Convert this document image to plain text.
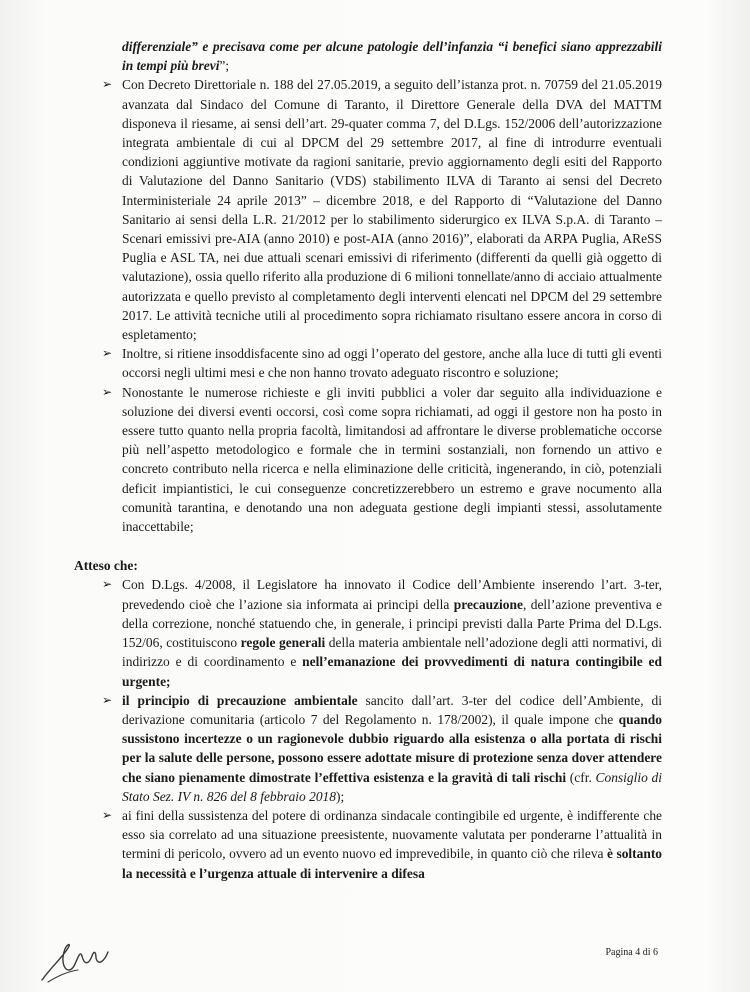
differenziale” e precisava come per alcune patologie dell’infanzia “i benefici siano apprezzabili in tempi più brevi”;

➢ Con Decreto Direttoriale n. 188 del 27.05.2019, a seguito dell’istanza prot. n. 70759 del 21.05.2019 avanzata dal Sindaco del Comune di Taranto, il Direttore Generale della DVA del MATTM disponeva il riesame, ai sensi dell’art. 29-quater comma 7, del D.Lgs. 152/2006 dell’autorizzazione integrata ambientale di cui al DPCM del 29 settembre 2017, al fine di introdurre eventuali condizioni aggiuntive motivate da ragioni sanitarie, previo aggiornamento degli esiti del Rapporto di Valutazione del Danno Sanitario (VDS) stabilimento ILVA di Taranto ai sensi del Decreto Interministeriale 24 aprile 2013” – dicembre 2018, e del Rapporto di “Valutazione del Danno Sanitario ai sensi della L.R. 21/2012 per lo stabilimento siderurgico ex ILVA S.p.A. di Taranto – Scenari emissivi pre-AIA (anno 2010) e post-AIA (anno 2016)”, elaborati da ARPA Puglia, AReSS Puglia e ASL TA, nei due attuali scenari emissivi di riferimento (differenti da quelli già oggetto di valutazione), ossia quello riferito alla produzione di 6 milioni tonnellate/anno di acciaio attualmente autorizzata e quello previsto al completamento degli interventi elencati nel DPCM del 29 settembre 2017. Le attività tecniche utili al procedimento sopra richiamato risultano essere ancora in corso di espletamento;

➢ Inoltre, si ritiene insoddisfacente sino ad oggi l’operato del gestore, anche alla luce di tutti gli eventi occorsi negli ultimi mesi e che non hanno trovato adeguato riscontro e soluzione;

➢ Nonostante le numerose richieste e gli inviti pubblici a voler dar seguito alla individuazione e soluzione dei diversi eventi occorsi, così come sopra richiamati, ad oggi il gestore non ha posto in essere tutto quanto nella propria facoltà, limitandosi ad affrontare le diverse problematiche occorse più nell’aspetto metodologico e formale che in termini sostanziali, non fornendo un attivo e concreto contributo nella ricerca e nella eliminazione delle criticità, ingenerando, in ciò, potenziali deficit impiantistici, le cui conseguenze concretizzerebbero un estremo e grave nocumento alla comunità tarantina, e denotando una non adeguata gestione degli impianti stessi, assolutamente inaccettabile;

Atteso che:

➢ Con D.Lgs. 4/2008, il Legislatore ha innovato il Codice dell’Ambiente inserendo l’art. 3-ter, prevedendo cioè che l’azione sia informata ai principi della precauzione, dell’azione preventiva e della correzione, nonché statuendo che, in generale, i principi previsti dalla Parte Prima del D.Lgs. 152/06, costituiscono regole generali della materia ambientale nell’adozione degli atti normativi, di indirizzo e di coordinamento e nell’emanazione dei provvedimenti di natura contingibile ed urgente;

➢ il principio di precauzione ambientale sancito dall’art. 3-ter del codice dell’Ambiente, di derivazione comunitaria (articolo 7 del Regolamento n. 178/2002), il quale impone che quando sussistono incertezze o un ragionevole dubbio riguardo alla esistenza o alla portata di rischi per la salute delle persone, possono essere adottate misure di protezione senza dover attendere che siano pienamente dimostrate l’effettiva esistenza e la gravità di tali rischi (cfr. Consiglio di Stato Sez. IV n. 826 del 8 febbraio 2018);

➢ ai fini della sussistenza del potere di ordinanza sindacale contingibile ed urgente, è indifferente che esso sia correlato ad una situazione preesistente, nuovamente valutata per ponderarne l’attualità in termini di pericolo, ovvero ad un evento nuovo ed imprevedibile, in quanto ciò che rileva è soltanto la necessità e l’urgenza attuale di intervenire a difesa

Pagina 4 di 6
